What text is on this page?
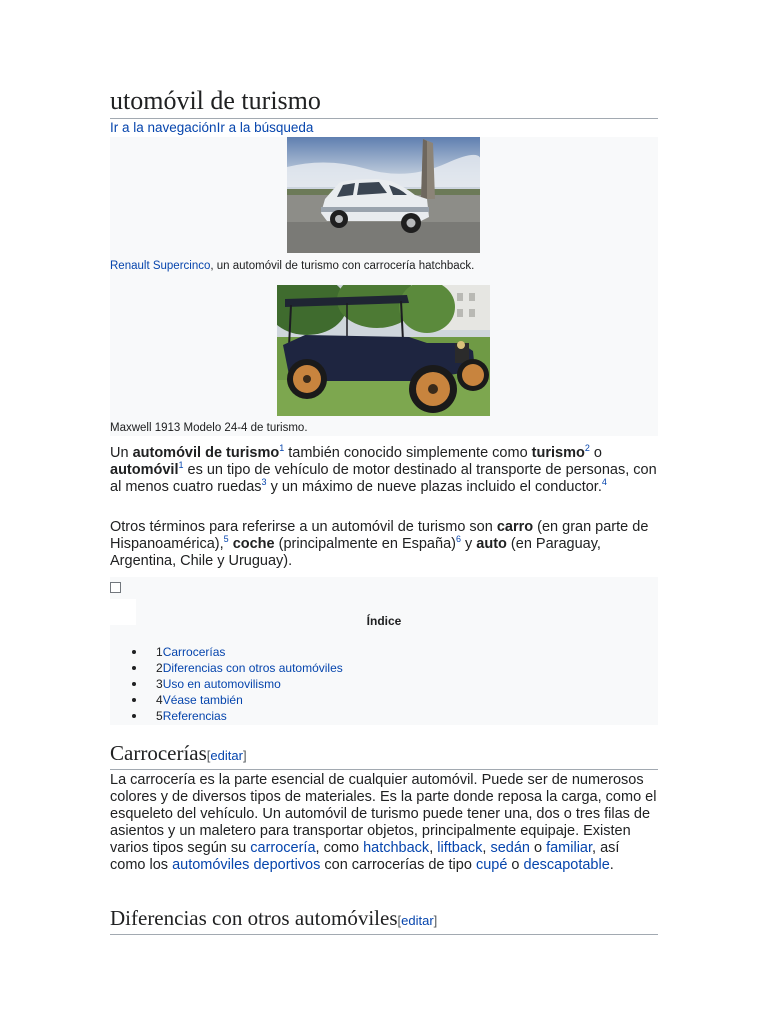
utomóvil de turismo
Ir a la navegaciónIr a la búsqueda
Renault Supercinco, un automóvil de turismo con carrocería hatchback.
Maxwell 1913 Modelo 24-4 de turismo.

Un automóvil de turismo$^1$ también conocido simplemente como turismo$^2$ o automóvil$^1$ es un tipo de vehículo de motor destinado al transporte de personas, con al menos cuatro ruedas$^3$ y un máximo de nueve plazas incluido el conductor.$^4$

Otros términos para referirse a un automóvil de turismo son carro (en gran parte de Hispanoamérica),$^5$ coche (principalmente en España)$^6$ y auto (en Paraguay, Argentina, Chile y Uruguay).

Índice
1Carrocerías
2Diferencias con otros automóviles
3Uso en automovilismo
4Véase también
5Referencias
Carrocerías[editar]

La carrocería es la parte esencial de cualquier automóvil. Puede ser de numerosos colores y de diversos tipos de materiales. Es la parte donde reposa la carga, como el esqueleto del vehículo. Un automóvil de turismo puede tener una, dos o tres filas de asientos y un maletero para transportar objetos, principalmente equipaje. Existen varios tipos según su carrocería, como hatchback, liftback, sedán o familiar, así como los automóviles deportivos con carrocerías de tipo cupé o descapotable.

Diferencias con otros automóviles[editar]
